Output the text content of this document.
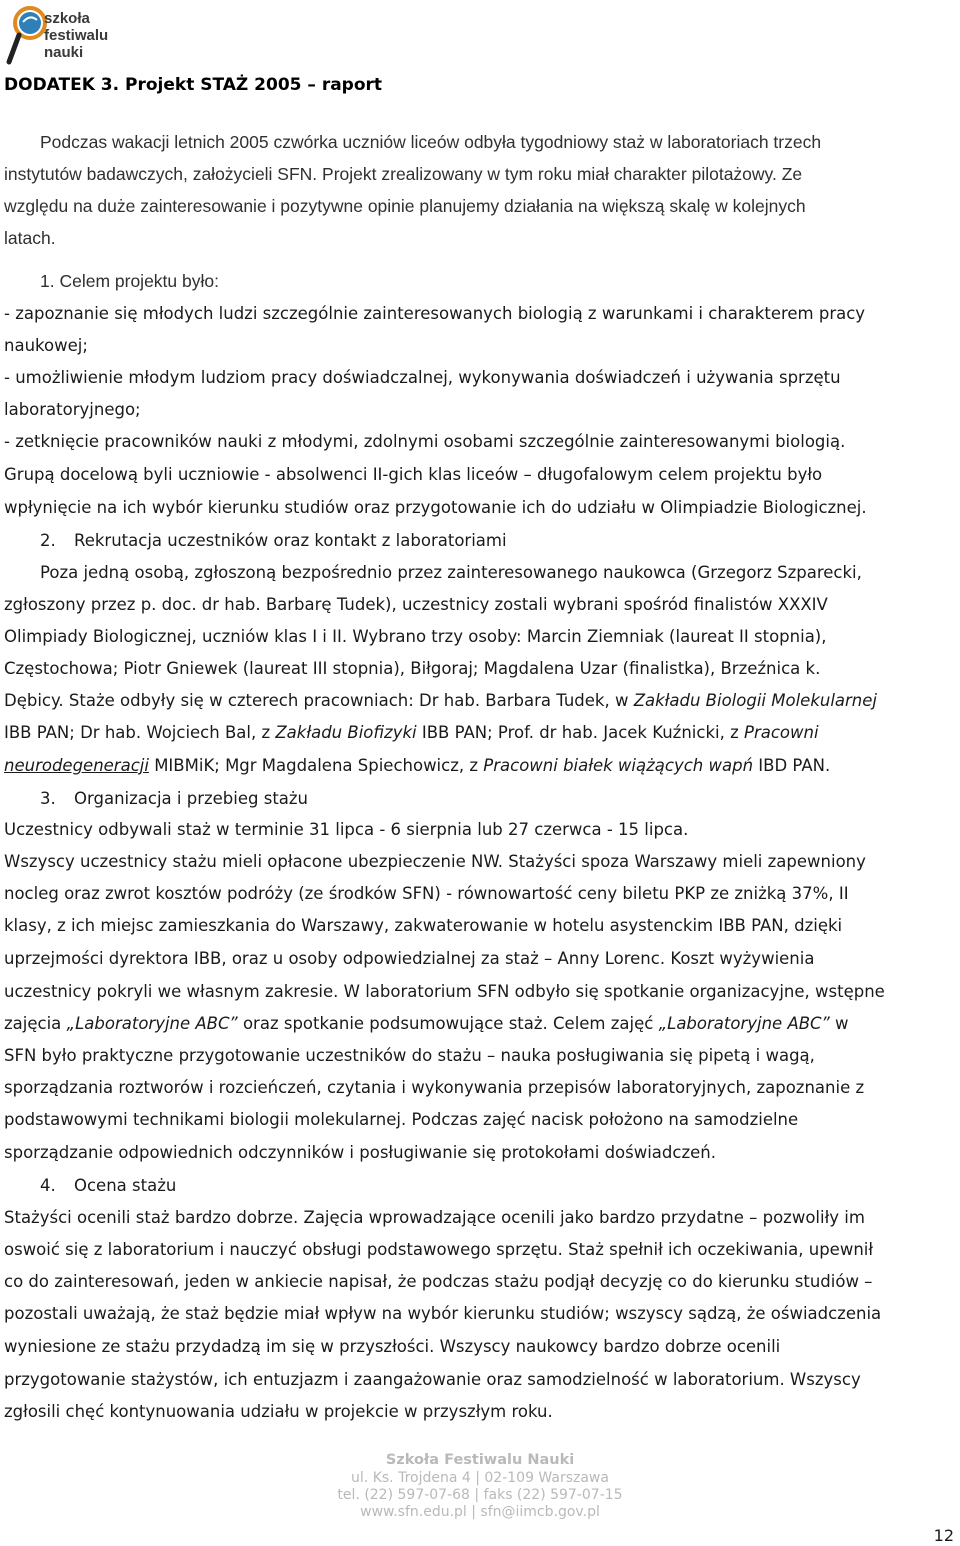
szkoła
festiwalu
nauki
DODATEK 3. Projekt STAŻ 2005 – raport
Podczas wakacji letnich 2005 czwórka uczniów liceów odbyła tygodniowy staż w laboratoriach trzech
instytutów badawczych, założycieli SFN. Projekt zrealizowany w tym roku miał charakter pilotażowy. Ze
względu na duże zainteresowanie i pozytywne opinie planujemy działania na większą skalę w kolejnych
latach.
1. Celem projektu było:
- zapoznanie się młodych ludzi szczególnie zainteresowanych biologią z warunkami i charakterem pracy
naukowej;
- umożliwienie młodym ludziom pracy doświadczalnej, wykonywania doświadczeń i używania sprzętu
laboratoryjnego;
- zetknięcie pracowników nauki z młodymi, zdolnymi osobami szczególnie zainteresowanymi biologią.
Grupą docelową byli uczniowie - absolwenci II-gich klas liceów – długofalowym celem projektu było
wpłynięcie na ich wybór kierunku studiów oraz przygotowanie ich do udziału w Olimpiadzie Biologicznej.
2. Rekrutacja uczestników oraz kontakt z laboratoriami
Poza jedną osobą, zgłoszoną bezpośrednio przez zainteresowanego naukowca (Grzegorz Szparecki,
zgłoszony przez p. doc. dr hab. Barbarę Tudek), uczestnicy zostali wybrani spośród finalistów XXXIV
Olimpiady Biologicznej, uczniów klas I i II. Wybrano trzy osoby: Marcin Ziemniak (laureat II stopnia),
Częstochowa; Piotr Gniewek (laureat III stopnia), Biłgoraj; Magdalena Uzar (finalistka), Brzeźnica k.
Dębicy. Staże odbyły się w czterech pracowniach: Dr hab. Barbara Tudek, w Zakładu Biologii Molekularnej
IBB PAN; Dr hab. Wojciech Bal, z Zakładu Biofizyki IBB PAN; Prof. dr hab. Jacek Kuźnicki, z Pracowni
neurodegeneracji MIBMiK; Mgr Magdalena Spiechowicz, z Pracowni białek wiążących wapń IBD PAN.
3. Organizacja i przebieg stażu
Uczestnicy odbywali staż w terminie 31 lipca - 6 sierpnia lub 27 czerwca - 15 lipca.
Wszyscy uczestnicy stażu mieli opłacone ubezpieczenie NW. Stażyści spoza Warszawy mieli zapewniony
nocleg oraz zwrot kosztów podróży (ze środków SFN) - równowartość ceny biletu PKP ze zniżką 37%, II
klasy, z ich miejsc zamieszkania do Warszawy, zakwaterowanie w hotelu asystenckim IBB PAN, dzięki
uprzejmości dyrektora IBB, oraz u osoby odpowiedzialnej za staż – Anny Lorenc. Koszt wyżywienia
uczestnicy pokryli we własnym zakresie. W laboratorium SFN odbyło się spotkanie organizacyjne, wstępne
zajęcia „Laboratoryjne ABC” oraz spotkanie podsumowujące staż. Celem zajęć „Laboratoryjne ABC” w
SFN było praktyczne przygotowanie uczestników do stażu – nauka posługiwania się pipetą i wagą,
sporządzania roztworów i rozcieńczeń, czytania i wykonywania przepisów laboratoryjnych, zapoznanie z
podstawowymi technikami biologii molekularnej. Podczas zajęć nacisk położono na samodzielne
sporządzanie odpowiednich odczynników i posługiwanie się protokołami doświadczeń.
4. Ocena stażu
Stażyści ocenili staż bardzo dobrze. Zajęcia wprowadzające ocenili jako bardzo przydatne – pozwoliły im
oswoić się z laboratorium i nauczyć obsługi podstawowego sprzętu. Staż spełnił ich oczekiwania, upewnił
co do zainteresowań, jeden w ankiecie napisał, że podczas stażu podjął decyzję co do kierunku studiów –
pozostali uważają, że staż będzie miał wpływ na wybór kierunku studiów; wszyscy sądzą, że oświadczenia
wyniesione ze stażu przydadzą im się w przyszłości. Wszyscy naukowcy bardzo dobrze ocenili
przygotowanie stażystów, ich entuzjazm i zaangażowanie oraz samodzielność w laboratorium. Wszyscy
zgłosili chęć kontynuowania udziału w projekcie w przyszłym roku.
Szkoła Festiwalu Nauki
ul. Ks. Trojdena 4 | 02-109 Warszawa
tel. (22) 597-07-68 | faks (22) 597-07-15
www.sfn.edu.pl | sfn@iimcb.gov.pl
12
